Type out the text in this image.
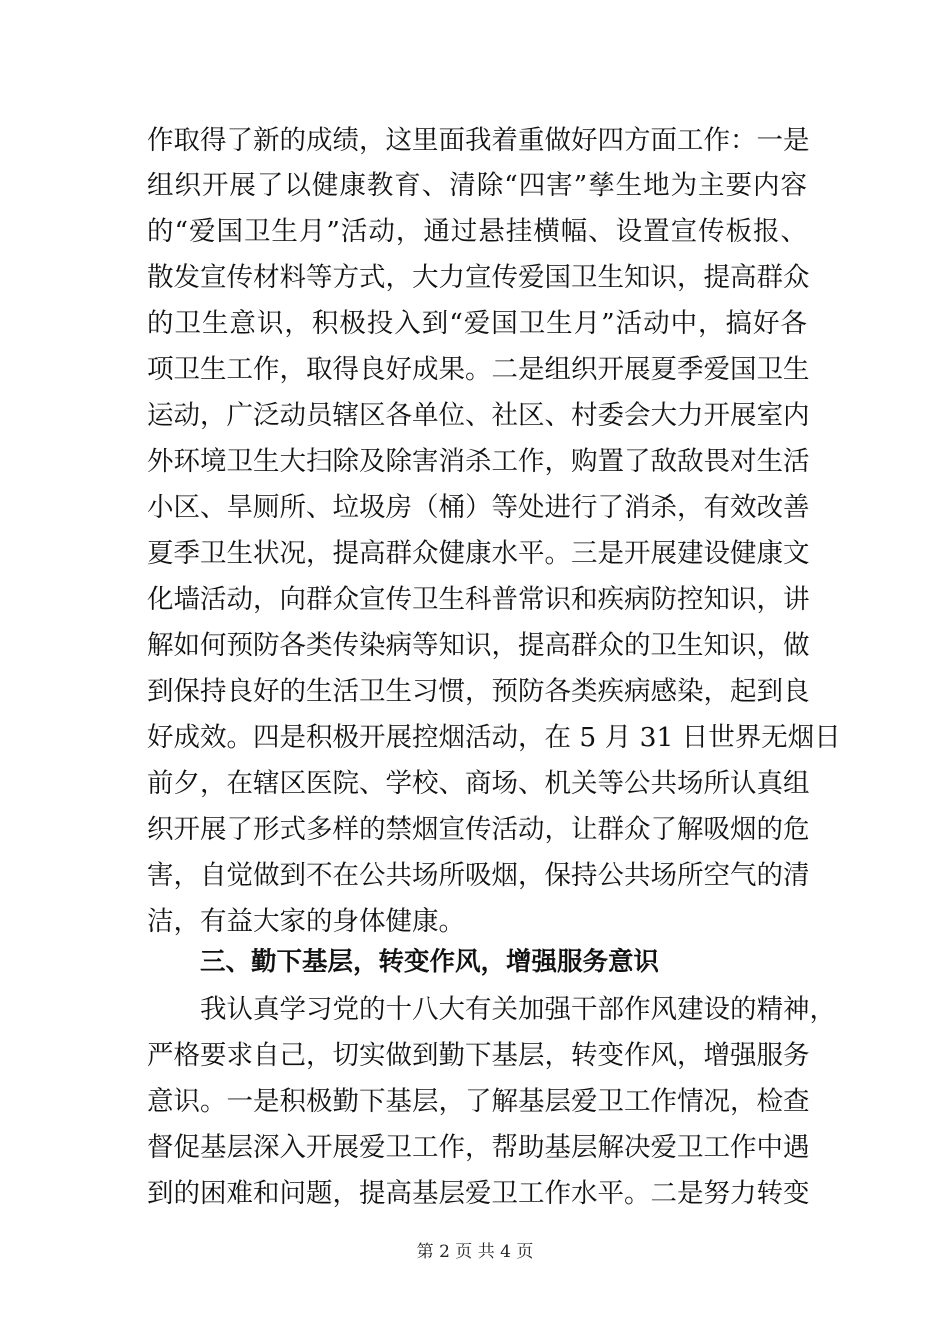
作取得了新的成绩，这里面我着重做好四方面工作：一是
组织开展了以健康教育、清除“四害”孳生地为主要内容
的“爱国卫生月”活动，通过悬挂横幅、设置宣传板报、
散发宣传材料等方式，大力宣传爱国卫生知识，提高群众
的卫生意识，积极投入到“爱国卫生月”活动中，搞好各
项卫生工作，取得良好成果。二是组织开展夏季爱国卫生
运动，广泛动员辖区各单位、社区、村委会大力开展室内
外环境卫生大扫除及除害消杀工作，购置了敌敌畏对生活
小区、旱厕所、垃圾房（桶）等处进行了消杀，有效改善
夏季卫生状况，提高群众健康水平。三是开展建设健康文
化墙活动，向群众宣传卫生科普常识和疾病防控知识，讲
解如何预防各类传染病等知识，提高群众的卫生知识，做
到保持良好的生活卫生习惯，预防各类疾病感染，起到良
好成效。四是积极开展控烟活动，在 5 月 31 日世界无烟日
前夕，在辖区医院、学校、商场、机关等公共场所认真组
织开展了形式多样的禁烟宣传活动，让群众了解吸烟的危
害，自觉做到不在公共场所吸烟，保持公共场所空气的清
洁，有益大家的身体健康。
三、勤下基层，转变作风，增强服务意识
我认真学习党的十八大有关加强干部作风建设的精神，
严格要求自己，切实做到勤下基层，转变作风，增强服务
意识。一是积极勤下基层，了解基层爱卫工作情况，检查
督促基层深入开展爱卫工作，帮助基层解决爱卫工作中遇
到的困难和问题，提高基层爱卫工作水平。二是努力转变
第 2 页 共 4 页
